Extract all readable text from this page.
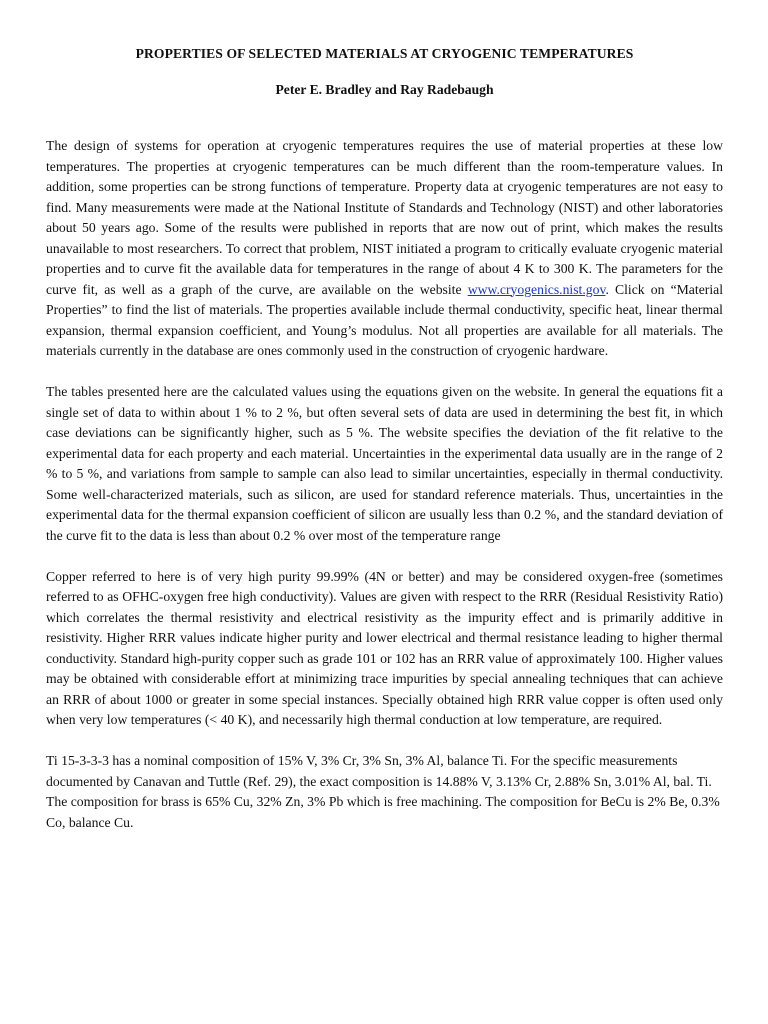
PROPERTIES OF SELECTED MATERIALS AT CRYOGENIC TEMPERATURES
Peter E. Bradley and Ray Radebaugh

The design of systems for operation at cryogenic temperatures requires the use of material properties at these low temperatures. The properties at cryogenic temperatures can be much different than the room-temperature values. In addition, some properties can be strong functions of temperature. Property data at cryogenic temperatures are not easy to find. Many measurements were made at the National Institute of Standards and Technology (NIST) and other laboratories about 50 years ago. Some of the results were published in reports that are now out of print, which makes the results unavailable to most researchers. To correct that problem, NIST initiated a program to critically evaluate cryogenic material properties and to curve fit the available data for temperatures in the range of about 4 K to 300 K. The parameters for the curve fit, as well as a graph of the curve, are available on the website www.cryogenics.nist.gov. Click on “Material Properties” to find the list of materials. The properties available include thermal conductivity, specific heat, linear thermal expansion, thermal expansion coefficient, and Young’s modulus. Not all properties are available for all materials. The materials currently in the database are ones commonly used in the construction of cryogenic hardware.

The tables presented here are the calculated values using the equations given on the website. In general the equations fit a single set of data to within about 1 % to 2 %, but often several sets of data are used in determining the best fit, in which case deviations can be significantly higher, such as 5 %. The website specifies the deviation of the fit relative to the experimental data for each property and each material. Uncertainties in the experimental data usually are in the range of 2 % to 5 %, and variations from sample to sample can also lead to similar uncertainties, especially in thermal conductivity. Some well-characterized materials, such as silicon, are used for standard reference materials. Thus, uncertainties in the experimental data for the thermal expansion coefficient of silicon are usually less than 0.2 %, and the standard deviation of the curve fit to the data is less than about 0.2 % over most of the temperature range

Copper referred to here is of very high purity 99.99% (4N or better) and may be considered oxygen-free (sometimes referred to as OFHC-oxygen free high conductivity). Values are given with respect to the RRR (Residual Resistivity Ratio) which correlates the thermal resistivity and electrical resistivity as the impurity effect and is primarily additive in resistivity. Higher RRR values indicate higher purity and lower electrical and thermal resistance leading to higher thermal conductivity. Standard high-purity copper such as grade 101 or 102 has an RRR value of approximately 100. Higher values may be obtained with considerable effort at minimizing trace impurities by special annealing techniques that can achieve an RRR of about 1000 or greater in some special instances. Specially obtained high RRR value copper is often used only when very low temperatures (< 40 K), and necessarily high thermal conduction at low temperature, are required.

Ti 15-3-3-3 has a nominal composition of 15% V, 3% Cr, 3% Sn, 3% Al, balance Ti. For the specific measurements documented by Canavan and Tuttle (Ref. 29), the exact composition is 14.88% V, 3.13% Cr, 2.88% Sn, 3.01% Al, bal. Ti. The composition for brass is 65% Cu, 32% Zn, 3% Pb which is free machining. The composition for BeCu is 2% Be, 0.3% Co, balance Cu.
